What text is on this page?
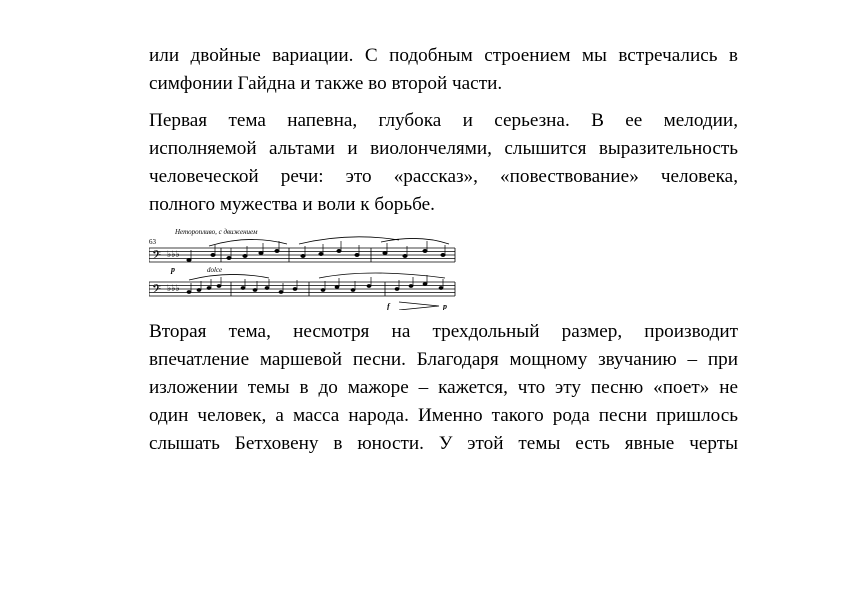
или двойные вариации. С подобным строением мы встречались в
симфонии Гайдна и также во второй части.

Первая тема напевна, глубока и серьезна. В ее мелодии,
исполняемой альтами и виолончелями, слышится выразительность
человеческой речи: это «рассказ», «повествование» человека,
полного мужества и воли к борьбе.

63
Неторопливо, с движением
𝄢 ♭♭♭
p	dolce
𝄢 ♭♭♭
f	p

Вторая тема, несмотря на трехдольный размер, производит
впечатление маршевой песни. Благодаря мощному звучанию – при
изложении темы в до мажоре – кажется, что эту песню «поет» не
один человек, а масса народа. Именно такого рода песни пришлось
слышать Бетховену в юности. У этой темы есть явные черты
